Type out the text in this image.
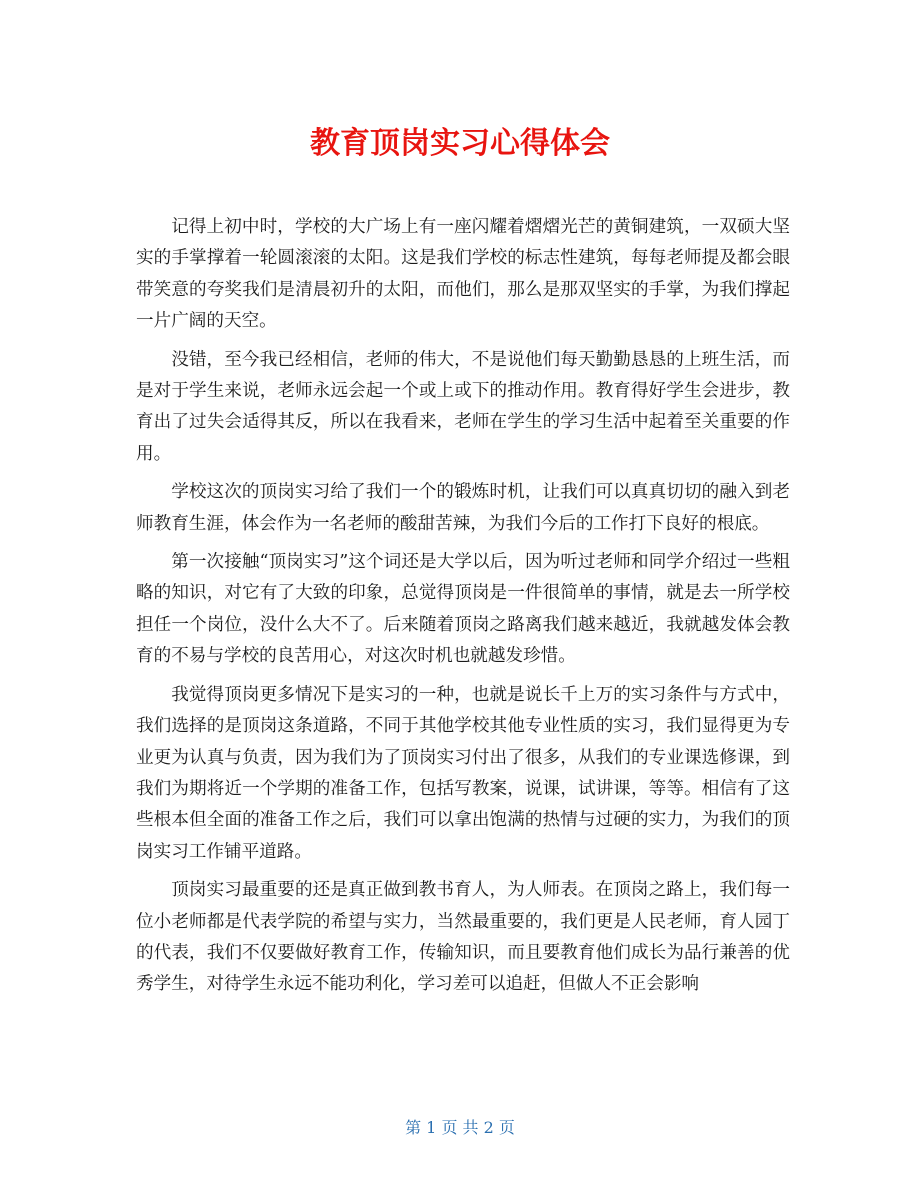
教育顶岗实习心得体会

记得上初中时，学校的大广场上有一座闪耀着熠熠光芒的黄铜建筑，一双硕大坚实的手掌撑着一轮圆滚滚的太阳。这是我们学校的标志性建筑，每每老师提及都会眼带笑意的夸奖我们是清晨初升的太阳，而他们，那么是那双坚实的手掌，为我们撑起一片广阔的天空。

没错，至今我已经相信，老师的伟大，不是说他们每天勤勤恳恳的上班生活，而是对于学生来说，老师永远会起一个或上或下的推动作用。教育得好学生会进步，教育出了过失会适得其反，所以在我看来，老师在学生的学习生活中起着至关重要的作用。

学校这次的顶岗实习给了我们一个的锻炼时机，让我们可以真真切切的融入到老师教育生涯，体会作为一名老师的酸甜苦辣，为我们今后的工作打下良好的根底。

第一次接触“顶岗实习”这个词还是大学以后，因为听过老师和同学介绍过一些粗略的知识，对它有了大致的印象，总觉得顶岗是一件很简单的事情，就是去一所学校担任一个岗位，没什么大不了。后来随着顶岗之路离我们越来越近，我就越发体会教育的不易与学校的良苦用心，对这次时机也就越发珍惜。

我觉得顶岗更多情况下是实习的一种，也就是说长千上万的实习条件与方式中，我们选择的是顶岗这条道路，不同于其他学校其他专业性质的实习，我们显得更为专业更为认真与负责，因为我们为了顶岗实习付出了很多，从我们的专业课选修课，到我们为期将近一个学期的准备工作，包括写教案，说课，试讲课，等等。相信有了这些根本但全面的准备工作之后，我们可以拿出饱满的热情与过硬的实力，为我们的顶岗实习工作铺平道路。

顶岗实习最重要的还是真正做到教书育人，为人师表。在顶岗之路上，我们每一位小老师都是代表学院的希望与实力，当然最重要的，我们更是人民老师，育人园丁的代表，我们不仅要做好教育工作，传输知识，而且要教育他们成长为品行兼善的优秀学生，对待学生永远不能功利化，学习差可以追赶，但做人不正会影响

第 1 页 共 2 页
